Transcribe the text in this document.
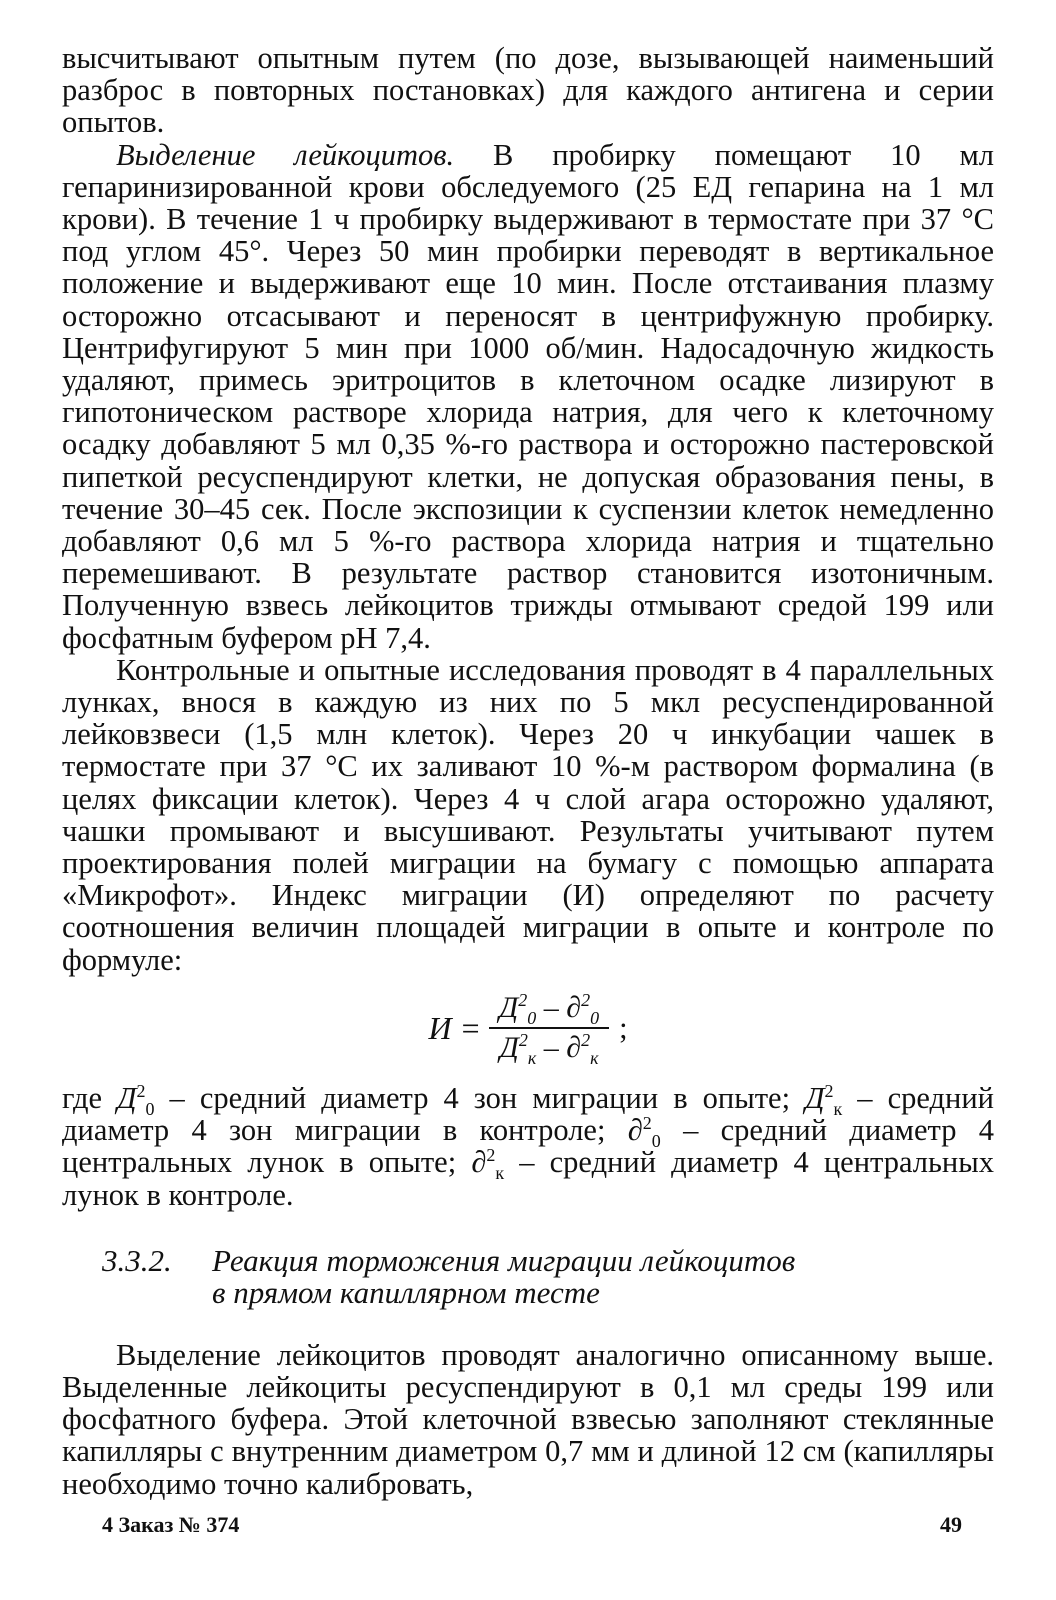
высчитывают опытным путем (по дозе, вызывающей наименьший разброс в повторных постановках) для каждого антигена и серии опытов.

Выделение лейкоцитов. В пробирку помещают 10 мл гепаринизированной крови обследуемого (25 ЕД гепарина на 1 мл крови). В течение 1 ч пробирку выдерживают в термостате при 37 °С под углом 45°. Через 50 мин пробирки переводят в вертикальное положение и выдерживают еще 10 мин. После отстаивания плазму осторожно отсасывают и переносят в центрифужную пробирку. Центрифугируют 5 мин при 1000 об/мин. Надосадочную жидкость удаляют, примесь эритроцитов в клеточном осадке лизируют в гипотоническом растворе хлорида натрия, для чего к клеточному осадку добавляют 5 мл 0,35 %-го раствора и осторожно пастеровской пипеткой ресуспендируют клетки, не допуская образования пены, в течение 30–45 сек. После экспозиции к суспензии клеток немедленно добавляют 0,6 мл 5 %-го раствора хлорида натрия и тщательно перемешивают. В результате раствор становится изотоничным. Полученную взвесь лейкоцитов трижды отмывают средой 199 или фосфатным буфером pH 7,4.

Контрольные и опытные исследования проводят в 4 параллельных лунках, внося в каждую из них по 5 мкл ресуспендированной лейковзвеси (1,5 млн клеток). Через 20 ч инкубации чашек в термостате при 37 °С их заливают 10 %-м раствором формалина (в целях фиксации клеток). Через 4 ч слой агара осторожно удаляют, чашки промывают и высушивают. Результаты учитывают путем проектирования полей миграции на бумагу с помощью аппарата «Микрофот». Индекс миграции (И) определяют по расчету соотношения величин площадей миграции в опыте и контроле по формуле:

$И = \frac{Д^2_0 - \partial^2_0}{Д^2_к - \partial^2_к}$ ;

где $Д^2_0$ – средний диаметр 4 зон миграции в опыте; $Д^2_к$ – средний диаметр 4 зон миграции в контроле; ∂$^2_0$ – средний диаметр 4 центральных лунок в опыте; ∂$^2_к$ – средний диаметр 4 центральных лунок в контроле.

3.3.2. Реакция торможения миграции лейкоцитов
в прямом капиллярном тесте

Выделение лейкоцитов проводят аналогично описанному выше. Выделенные лейкоциты ресуспендируют в 0,1 мл среды 199 или фосфатного буфера. Этой клеточной взвесью заполняют стеклянные капилляры с внутренним диаметром 0,7 мм и длиной 12 см (капилляры необходимо точно калибровать,

4 Заказ № 374	49
